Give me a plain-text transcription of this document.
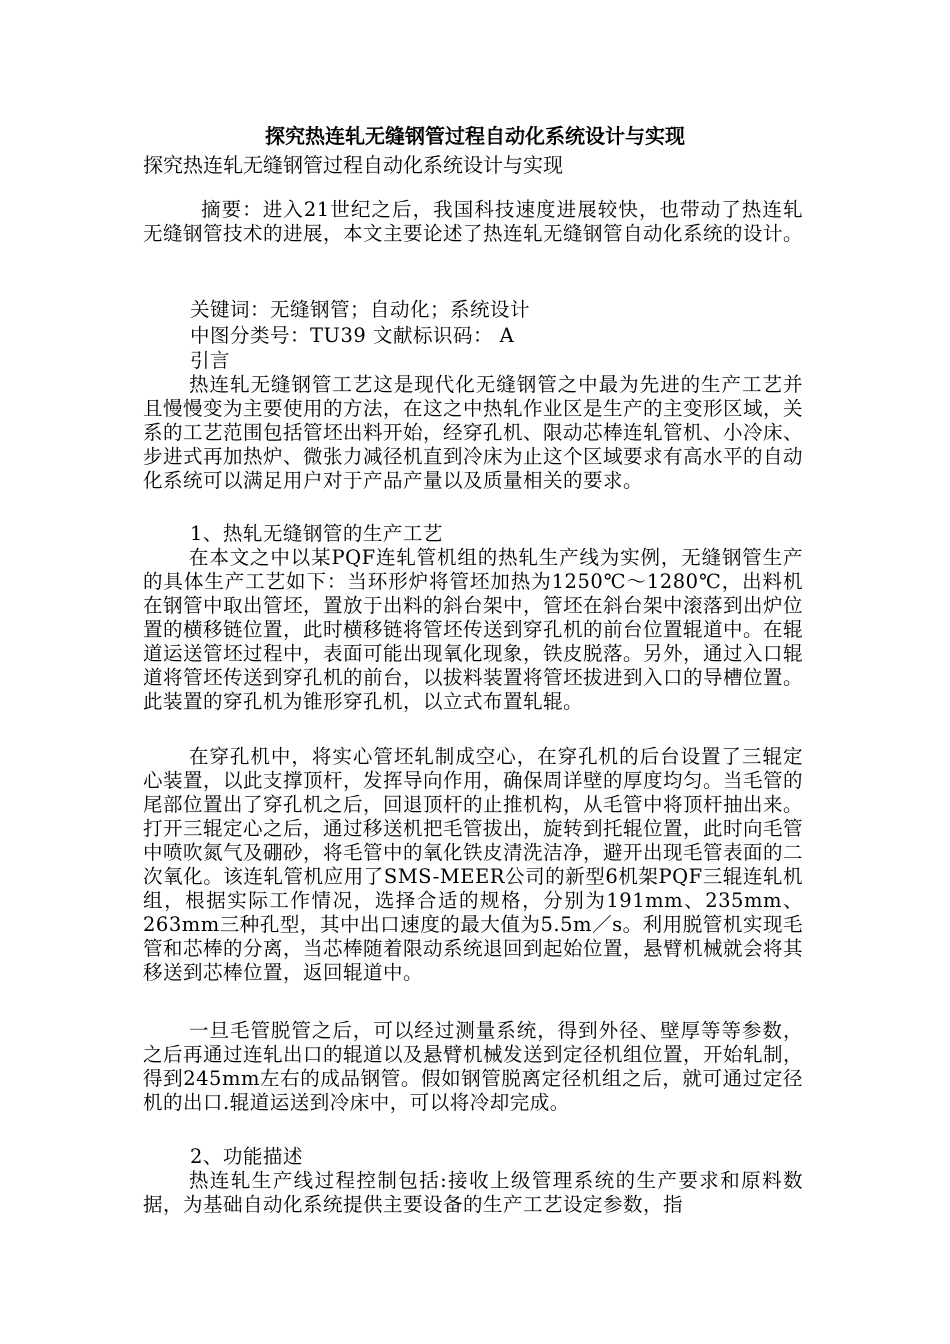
探究热连轧无缝钢管过程自动化系统设计与实现
探究热连轧无缝钢管过程自动化系统设计与实现

摘要：进入21世纪之后，我国科技速度进展较快，也带动了热连轧无缝钢管技术的进展，本文主要论述了热连轧无缝钢管自动化系统的设计。

关键词：无缝钢管；自动化；系统设计
中图分类号：TU39 文献标识码： A
引言

热连轧无缝钢管工艺这是现代化无缝钢管之中最为先进的生产工艺并且慢慢变为主要使用的方法，在这之中热轧作业区是生产的主变形区域，关系的工艺范围包括管坯出料开始，经穿孔机、限动芯棒连轧管机、小冷床、步进式再加热炉、微张力减径机直到冷床为止这个区域要求有高水平的自动化系统可以满足用户对于产品产量以及质量相关的要求。

1、热轧无缝钢管的生产工艺

在本文之中以某PQF连轧管机组的热轧生产线为实例，无缝钢管生产的具体生产工艺如下：当环形炉将管坯加热为1250℃～1280℃，出料机在钢管中取出管坯，置放于出料的斜台架中，管坯在斜台架中滚落到出炉位置的横移链位置，此时横移链将管坯传送到穿孔机的前台位置辊道中。在辊道运送管坯过程中，表面可能出现氧化现象，铁皮脱落。另外，通过入口辊道将管坯传送到穿孔机的前台，以拔料装置将管坯拔进到入口的导槽位置。此装置的穿孔机为锥形穿孔机，以立式布置轧辊。

在穿孔机中，将实心管坯轧制成空心，在穿孔机的后台设置了三辊定心装置，以此支撑顶杆，发挥导向作用，确保周详壁的厚度均匀。当毛管的尾部位置出了穿孔机之后，回退顶杆的止推机构，从毛管中将顶杆抽出来。打开三辊定心之后，通过移送机把毛管拔出，旋转到托辊位置，此时向毛管中喷吹氮气及硼砂，将毛管中的氧化铁皮清洗洁净，避开出现毛管表面的二次氧化。该连轧管机应用了SMS-MEER公司的新型6机架PQF三辊连轧机组，根据实际工作情况，选择合适的规格，分别为191mm、235mm、263mm三种孔型，其中出口速度的最大值为5.5m／s。利用脱管机实现毛管和芯棒的分离，当芯棒随着限动系统退回到起始位置，悬臂机械就会将其移送到芯棒位置，返回辊道中。

一旦毛管脱管之后，可以经过测量系统，得到外径、壁厚等等参数，之后再通过连轧出口的辊道以及悬臂机械发送到定径机组位置，开始轧制，得到245mm左右的成品钢管。假如钢管脱离定径机组之后，就可通过定径机的出口.辊道运送到冷床中，可以将冷却完成。

2、功能描述

热连轧生产线过程控制包括:接收上级管理系统的生产要求和原料数据，为基础自动化系统提供主要设备的生产工艺设定参数，指
